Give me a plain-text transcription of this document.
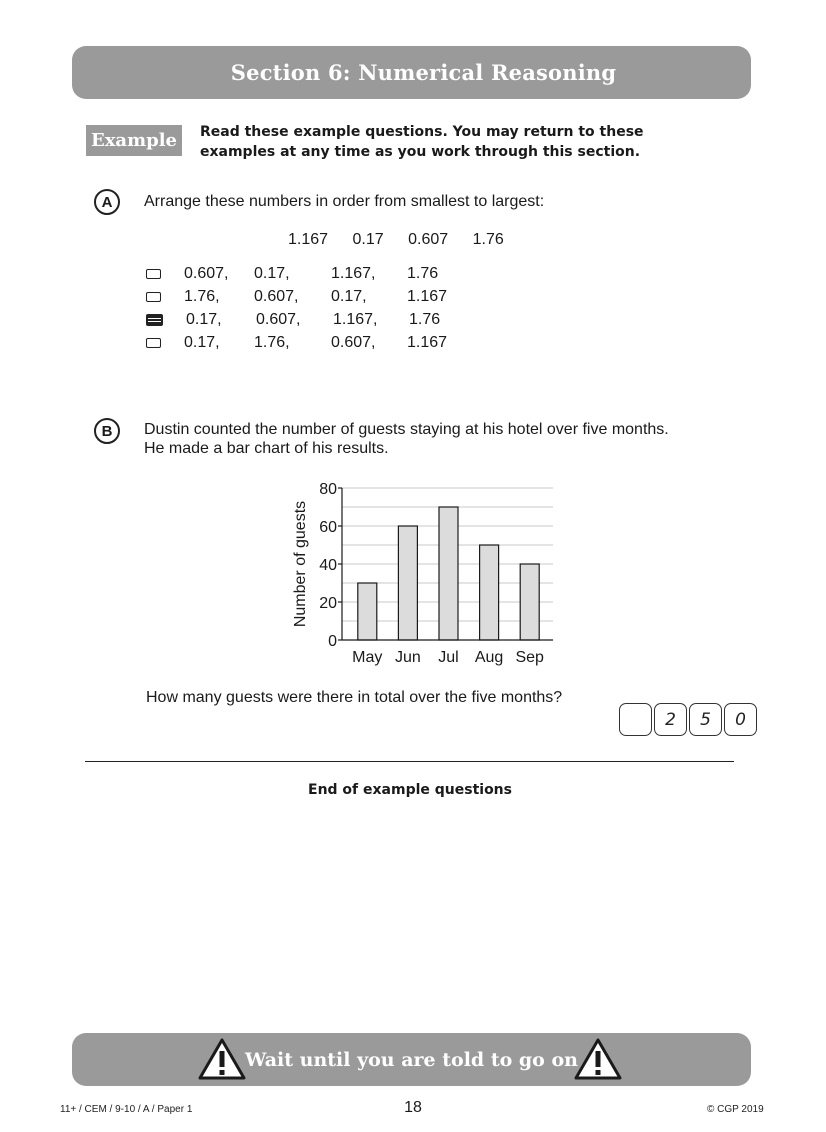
Section 6: Numerical Reasoning
Example	Read these example questions. You may return to these examples at any time as you work through this section.
A	Arrange these numbers in order from smallest to largest:
1.167 0.17 0.607 1.76
0.607,	0.17,	1.167,	1.76
1.76,	0.607,	0.17,	1.167
0.17,	0.607,	1.167,	1.76
0.17,	1.76,	0.607,	1.167
B	Dustin counted the number of guests staying at his hotel over five months.
He made a bar chart of his results.
0
20
40
60
80
May Jun Jul Aug Sep
Number of guests
How many guests were there in total over the five months?
2	5	0
End of example questions
Wait until you are told to go on
11+ / CEM / 9-10 / A / Paper 1	18	© CGP 2019
